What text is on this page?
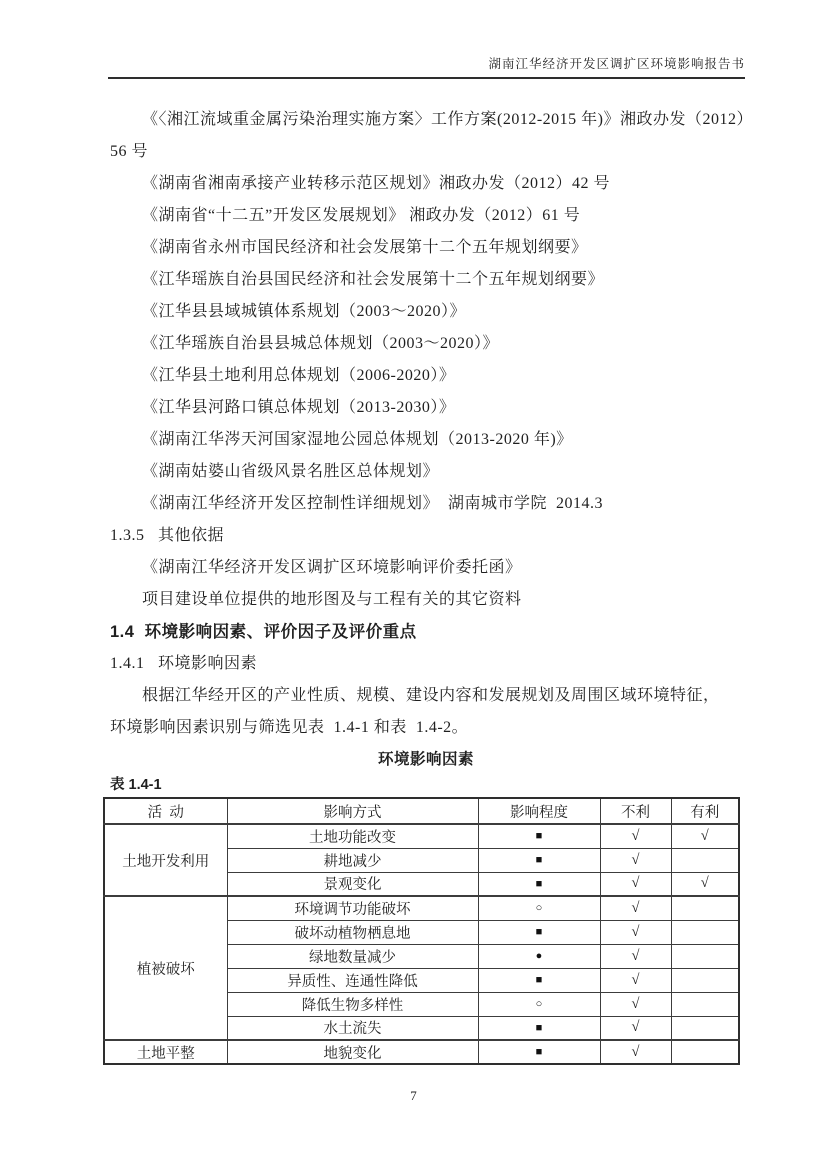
湖南江华经济开发区调扩区环境影响报告书
《〈湘江流域重金属污染治理实施方案〉工作方案(2012-2015 年)》湘政办发（2012）
56 号
《湖南省湘南承接产业转移示范区规划》湘政办发（2012）42 号
《湖南省“十二五”开发区发展规划》 湘政办发（2012）61 号
《湖南省永州市国民经济和社会发展第十二个五年规划纲要》
《江华瑶族自治县国民经济和社会发展第十二个五年规划纲要》
《江华县县域城镇体系规划（2003～2020）》
《江华瑶族自治县县城总体规划（2003～2020）》
《江华县土地利用总体规划（2006-2020）》
《江华县河路口镇总体规划（2013-2030）》
《湖南江华涔天河国家湿地公园总体规划（2013-2020 年)》
《湖南姑婆山省级风景名胜区总体规划》
《湖南江华经济开发区控制性详细规划》  湖南城市学院  2014.3
1.3.5   其他依据
《湖南江华经济开发区调扩区环境影响评价委托函》
项目建设单位提供的地形图及与工程有关的其它资料
1.4  环境影响因素、评价因子及评价重点
1.4.1   环境影响因素
根据江华经开区的产业性质、规模、建设内容和发展规划及周围区域环境特征，
环境影响因素识别与筛选见表  1.4-1 和表  1.4-2。
环境影响因素
表 1.4-1
活  动	影响方式	影响程度	不利	有利
土地开发利用	土地功能改变	■	√	√
	耕地减少	■	√	
	景观变化	■	√	√
植被破坏	环境调节功能破坏	○	√	
	破坏动植物栖息地	■	√	
	绿地数量减少	●	√	
	异质性、连通性降低	■	√	
	降低生物多样性	○	√	
	水土流失	■	√	
土地平整	地貌变化	■	√	
7
